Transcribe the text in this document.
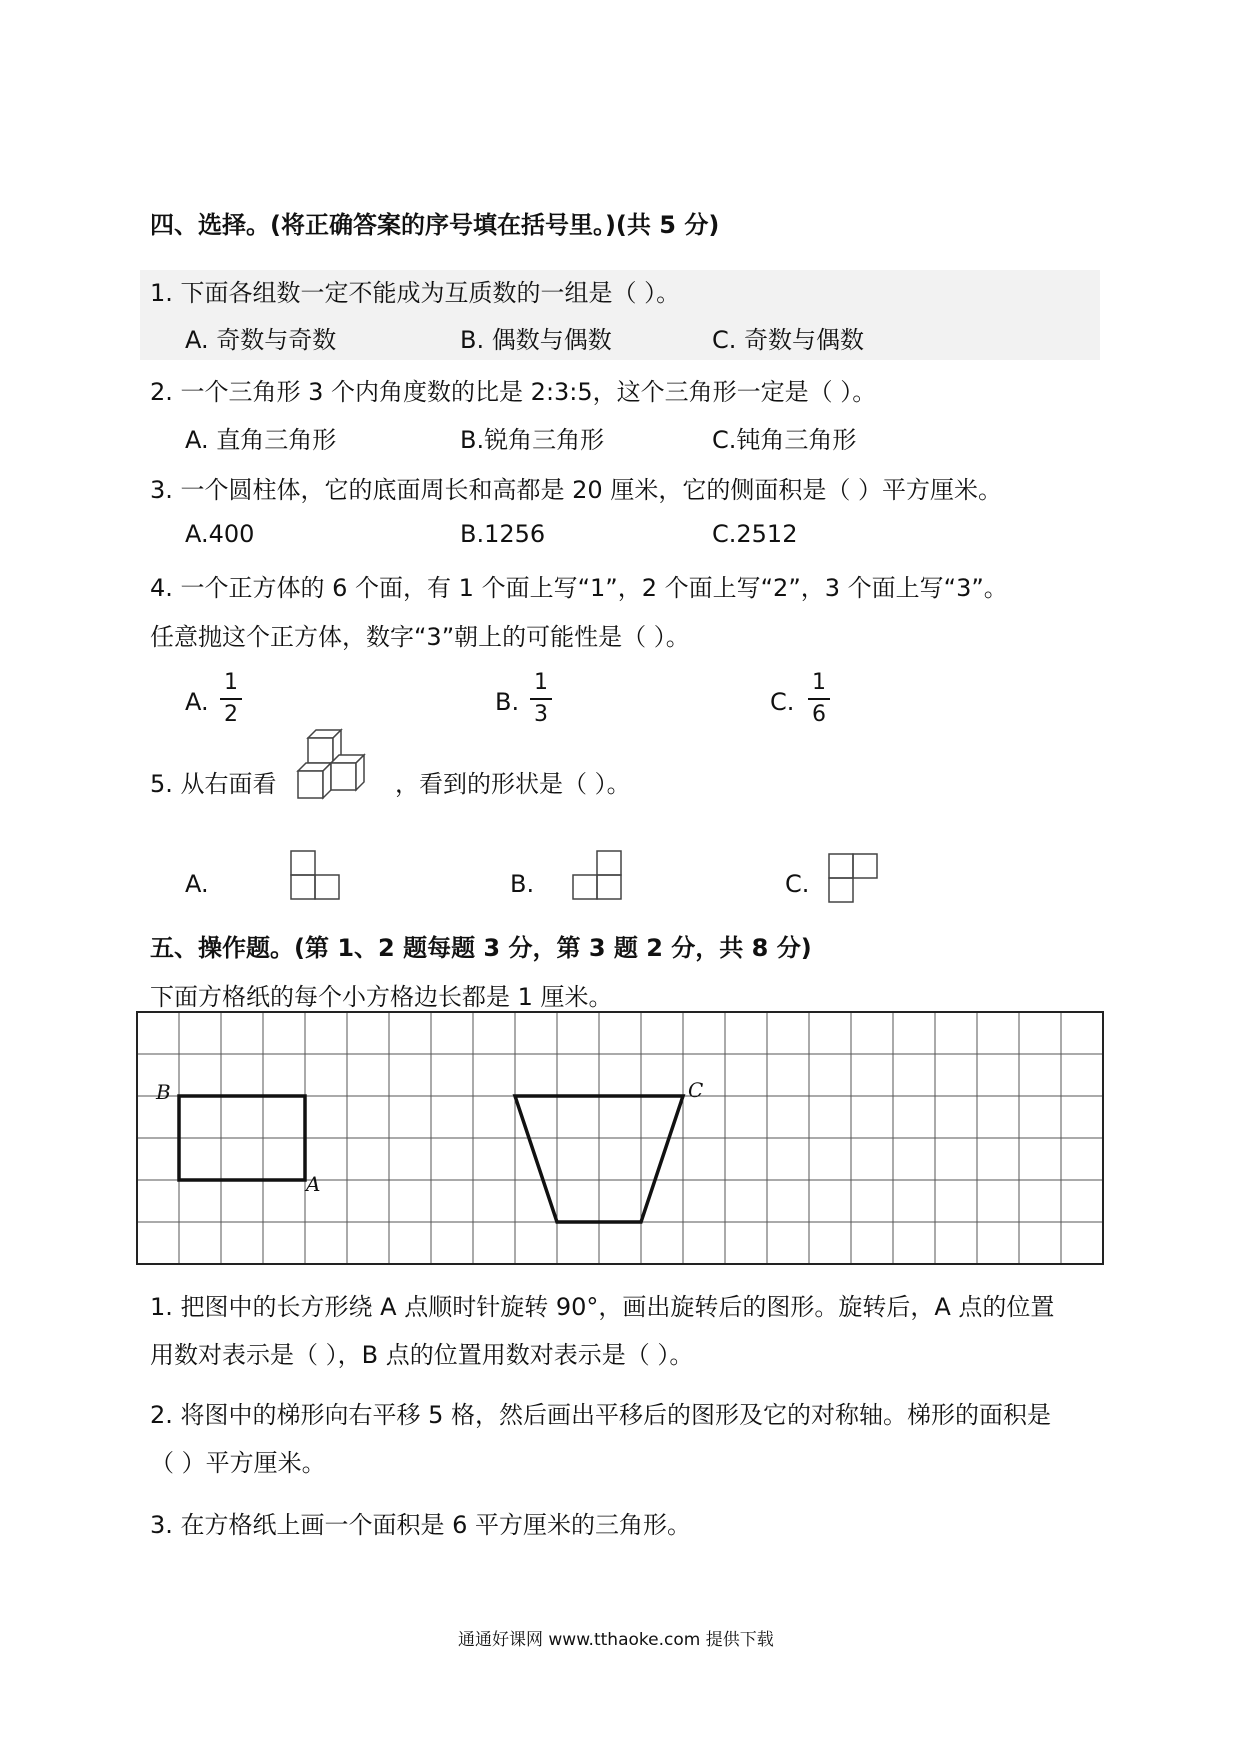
四、选择。(将正确答案的序号填在括号里。)(共 5 分)
1. 下面各组数一定不能成为互质数的一组是（ ）。
A. 奇数与奇数	B. 偶数与偶数	C. 奇数与偶数
2. 一个三角形 3 个内角度数的比是 2:3:5，这个三角形一定是（ ）。
A. 直角三角形	B.锐角三角形	C.钝角三角形
3. 一个圆柱体，它的底面周长和高都是 20 厘米，它的侧面积是（ ）平方厘米。
A.400	B.1256	C.2512
4. 一个正方体的 6 个面，有 1 个面上写“1”，2 个面上写“2”，3 个面上写“3”。
任意抛这个正方体，数字“3”朝上的可能性是（ ）。
A.
1
2	B.
1
3	C.
1
6
5. 从右面看	，看到的形状是（ ）。
A.	B.	C.
五、操作题。(第 1、2 题每题 3 分，第 3 题 2 分，共 8 分)
下面方格纸的每个小方格边长都是 1 厘米。
B
A
C
1. 把图中的长方形绕 A 点顺时针旋转 90°，画出旋转后的图形。旋转后，A 点的位置
用数对表示是（ ），B 点的位置用数对表示是（ ）。
2. 将图中的梯形向右平移 5 格，然后画出平移后的图形及它的对称轴。梯形的面积是
（ ）平方厘米。
3. 在方格纸上画一个面积是 6 平方厘米的三角形。
通通好课网 www.tthaoke.com 提供下载
